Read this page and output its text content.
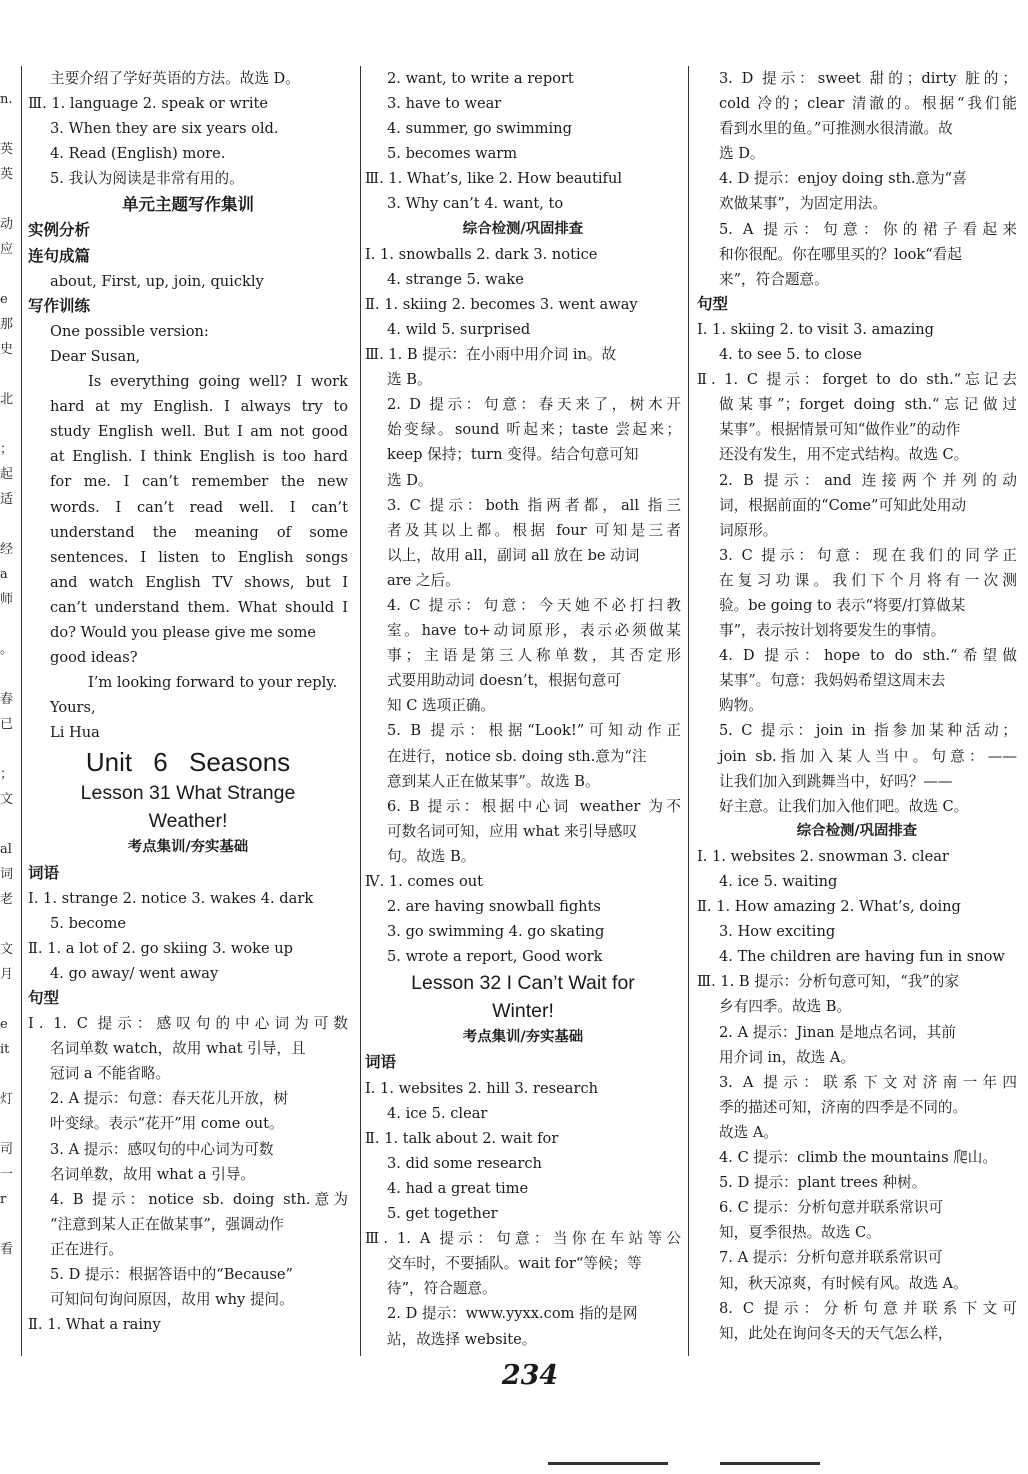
n.
英
英
动
应
e
那
史
北
；
起
适
经
a
师
。
春
已
；
文
al
词
老
文
月
e
it
灯
司
一
r
看
主要介绍了学好英语的方法。故选 D。
Ⅲ. 1. language 2. speak or write
3. When they are six years old.
4. Read (English) more.
5. 我认为阅读是非常有用的。
单元主题写作集训
实例分析
连句成篇
about, First, up, join, quickly
写作训练
One possible version:
Dear Susan,
Is everything going well? I work
hard at my English. I always try to
study English well. But I am not good
at English. I think English is too hard
for me. I can’t remember the new
words. I can’t read well. I can’t
understand the meaning of some
sentences. I listen to English songs
and watch English TV shows, but I
can’t understand them. What should I
do? Would you please give me some
good ideas?
I’m looking forward to your reply.
Yours,
Li Hua
Unit 6 Seasons
Lesson 31 What Strange
Weather!
考点集训/夯实基础
词语
Ⅰ. 1. strange 2. notice 3. wakes 4. dark
5. become
Ⅱ. 1. a lot of 2. go skiing 3. woke up
4. go away/ went away
句型
Ⅰ. 1. C 提示：感叹句的中心词为可数
名词单数 watch，故用 what 引导，且
冠词 a 不能省略。
2. A 提示：句意：春天花儿开放，树
叶变绿。表示“花开”用 come out。
3. A 提示：感叹句的中心词为可数
名词单数，故用 what a 引导。
4. B 提示：notice sb. doing sth.意为
“注意到某人正在做某事”，强调动作
正在进行。
5. D 提示：根据答语中的“Because”
可知问句询问原因，故用 why 提问。
Ⅱ. 1. What a rainy
2. want, to write a report
3. have to wear
4. summer, go swimming
5. becomes warm
Ⅲ. 1. What’s, like 2. How beautiful
3. Why can’t 4. want, to
综合检测/巩固排查
Ⅰ. 1. snowballs 2. dark 3. notice
4. strange 5. wake
Ⅱ. 1. skiing 2. becomes 3. went away
4. wild 5. surprised
Ⅲ. 1. B 提示：在小雨中用介词 in。故
选 B。
2. D 提示：句意：春天来了，树木开
始变绿。sound 听起来；taste 尝起来；
keep 保持；turn 变得。结合句意可知
选 D。
3. C 提示：both 指两者都，all 指三
者及其以上都。根据 four 可知是三者
以上，故用 all，副词 all 放在 be 动词
are 之后。
4. C 提示：句意：今天她不必打扫教
室。have to+动词原形，表示必须做某
事；主语是第三人称单数，其否定形
式要用助动词 doesn’t，根据句意可
知 C 选项正确。
5. B 提示：根据“Look!”可知动作正
在进行，notice sb. doing sth.意为“注
意到某人正在做某事”。故选 B。
6. B 提示：根据中心词 weather 为不
可数名词可知，应用 what 来引导感叹
句。故选 B。
Ⅳ. 1. comes out
2. are having snowball fights
3. go swimming 4. go skating
5. wrote a report, Good work
Lesson 32 I Can’t Wait for
Winter!
考点集训/夯实基础
词语
Ⅰ. 1. websites 2. hill 3. research
4. ice 5. clear
Ⅱ. 1. talk about 2. wait for
3. did some research
4. had a great time
5. get together
Ⅲ. 1. A 提示：句意：当你在车站等公
交车时，不要插队。wait for“等候；等
待”，符合题意。
2. D 提示：www.yyxx.com 指的是网
站，故选择 website。
3. D 提示：sweet 甜的；dirty 脏的；
cold 冷的；clear 清澈的。根据“我们能
看到水里的鱼。”可推测水很清澈。故
选 D。
4. D 提示：enjoy doing sth.意为“喜
欢做某事”，为固定用法。
5. A 提示：句意：你的裙子看起来
和你很配。你在哪里买的？look“看起
来”，符合题意。
句型
Ⅰ. 1. skiing 2. to visit 3. amazing
4. to see 5. to close
Ⅱ. 1. C 提示：forget to do sth.“忘记去
做某事”；forget doing sth.“忘记做过
某事”。根据情景可知“做作业”的动作
还没有发生，用不定式结构。故选 C。
2. B 提示：and 连接两个并列的动
词，根据前面的“Come”可知此处用动
词原形。
3. C 提示：句意：现在我们的同学正
在复习功课。我们下个月将有一次测
验。be going to 表示“将要/打算做某
事”，表示按计划将要发生的事情。
4. D 提示：hope to do sth.“希望做
某事”。句意：我妈妈希望这周末去
购物。
5. C 提示：join in 指参加某种活动；
join sb.指加入某人当中。句意：——
让我们加入到跳舞当中，好吗？——
好主意。让我们加入他们吧。故选 C。
综合检测/巩固排查
Ⅰ. 1. websites 2. snowman 3. clear
4. ice 5. waiting
Ⅱ. 1. How amazing 2. What’s, doing
3. How exciting
4. The children are having fun in snow
Ⅲ. 1. B 提示：分析句意可知，“我”的家
乡有四季。故选 B。
2. A 提示：Jinan 是地点名词，其前
用介词 in，故选 A。
3. A 提示：联系下文对济南一年四
季的描述可知，济南的四季是不同的。
故选 A。
4. C 提示：climb the mountains 爬山。
5. D 提示：plant trees 种树。
6. C 提示：分析句意并联系常识可
知，夏季很热。故选 C。
7. A 提示：分析句意并联系常识可
知，秋天凉爽，有时候有风。故选 A。
8. C 提示：分析句意并联系下文可
知，此处在询问冬天的天气怎么样，
234
